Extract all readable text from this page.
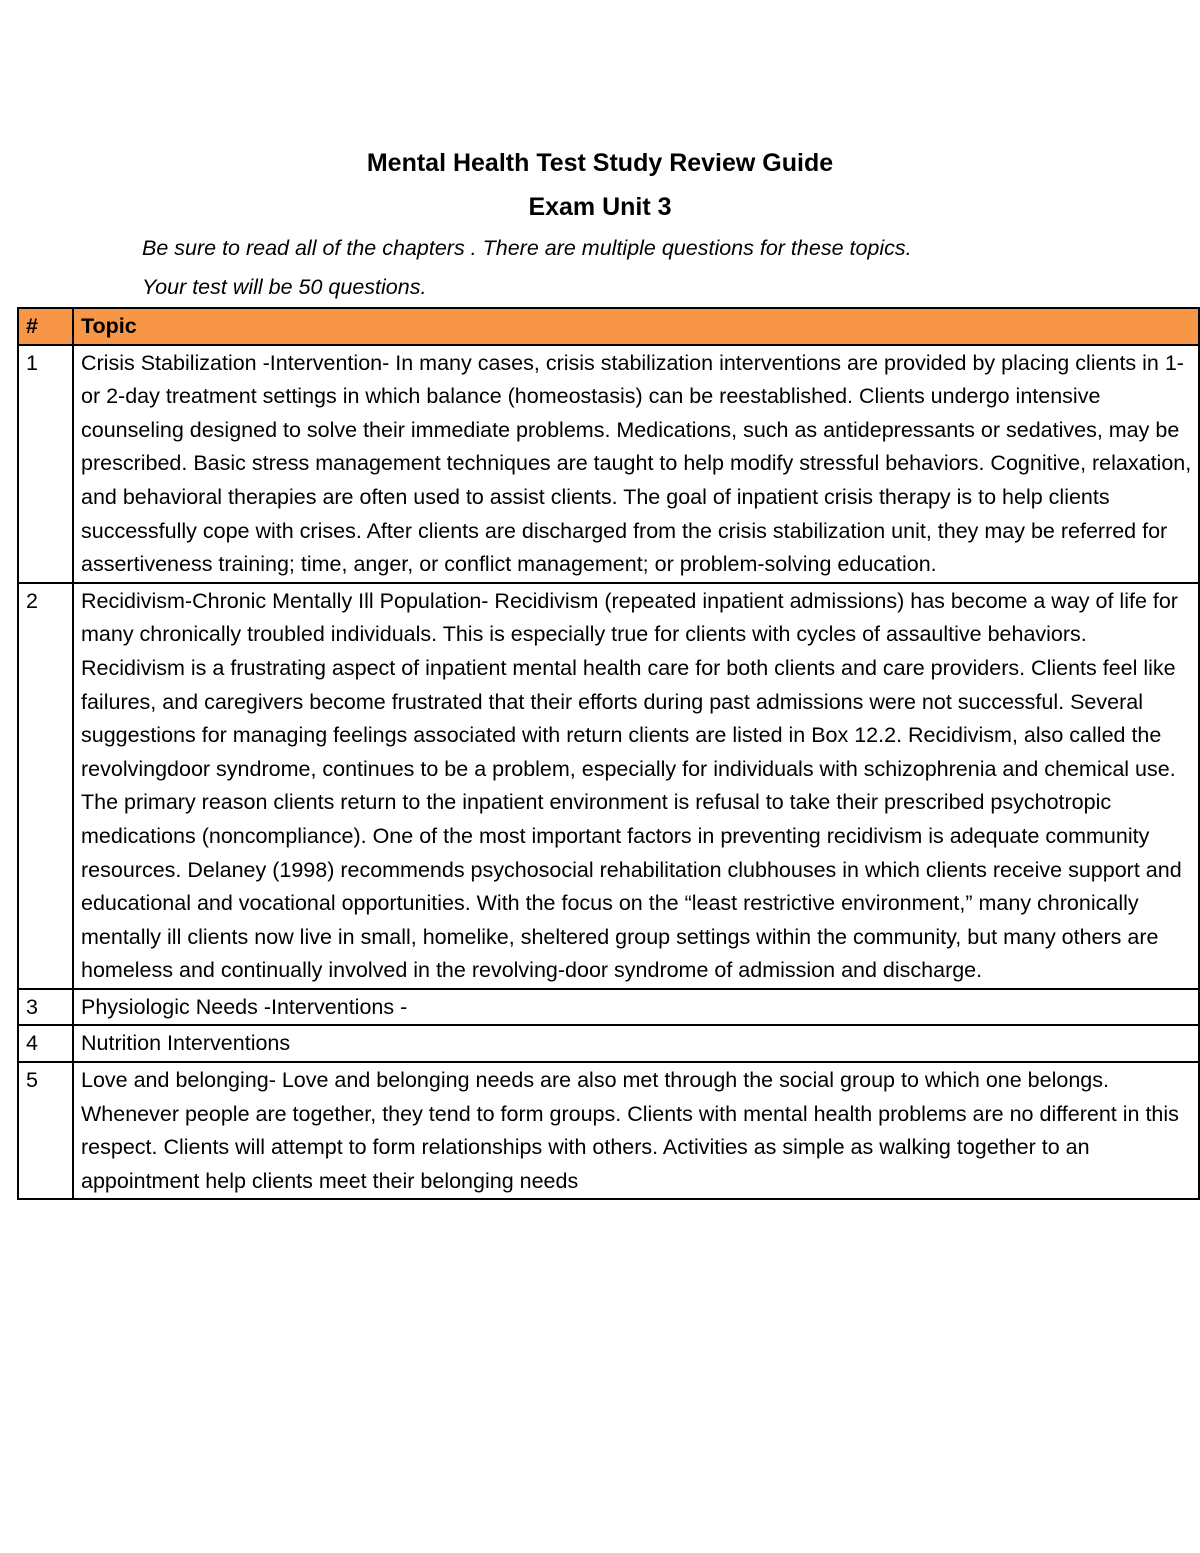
Mental Health Test Study Review Guide
Exam Unit 3
Be sure to read all of the chapters . There are multiple questions for these topics.
Your test will be 50 questions.
#	Topic
1	Crisis Stabilization -Intervention- In many cases, crisis stabilization interventions are provided by placing clients in 1- or 2-day treatment settings in which balance (homeostasis) can be reestablished. Clients undergo intensive counseling designed to solve their immediate problems. Medications, such as antidepressants or sedatives, may be prescribed. Basic stress management techniques are taught to help modify stressful behaviors. Cognitive, relaxation, and behavioral therapies are often used to assist clients. The goal of inpatient crisis therapy is to help clients successfully cope with crises. After clients are discharged from the crisis stabilization unit, they may be referred for assertiveness training; time, anger, or conflict management; or problem-solving education.
2	Recidivism-Chronic Mentally Ill Population- Recidivism (repeated inpatient admissions) has become a way of life for many chronically troubled individuals. This is especially true for clients with cycles of assaultive behaviors. Recidivism is a frustrating aspect of inpatient mental health care for both clients and care providers. Clients feel like failures, and caregivers become frustrated that their efforts during past admissions were not successful. Several suggestions for managing feelings associated with return clients are listed in Box 12.2. Recidivism, also called the revolvingdoor syndrome, continues to be a problem, especially for individuals with schizophrenia and chemical use. The primary reason clients return to the inpatient environment is refusal to take their prescribed psychotropic medications (noncompliance). One of the most important factors in preventing recidivism is adequate community resources. Delaney (1998) recommends psychosocial rehabilitation clubhouses in which clients receive support and educational and vocational opportunities. With the focus on the “least restrictive environment,” many chronically mentally ill clients now live in small, homelike, sheltered group settings within the community, but many others are homeless and continually involved in the revolving-door syndrome of admission and discharge.
3	Physiologic Needs -Interventions -
4	Nutrition Interventions
5	Love and belonging- Love and belonging needs are also met through the social group to which one belongs. Whenever people are together, they tend to form groups. Clients with mental health problems are no different in this respect. Clients will attempt to form relationships with others. Activities as simple as walking together to an appointment help clients meet their belonging needs
